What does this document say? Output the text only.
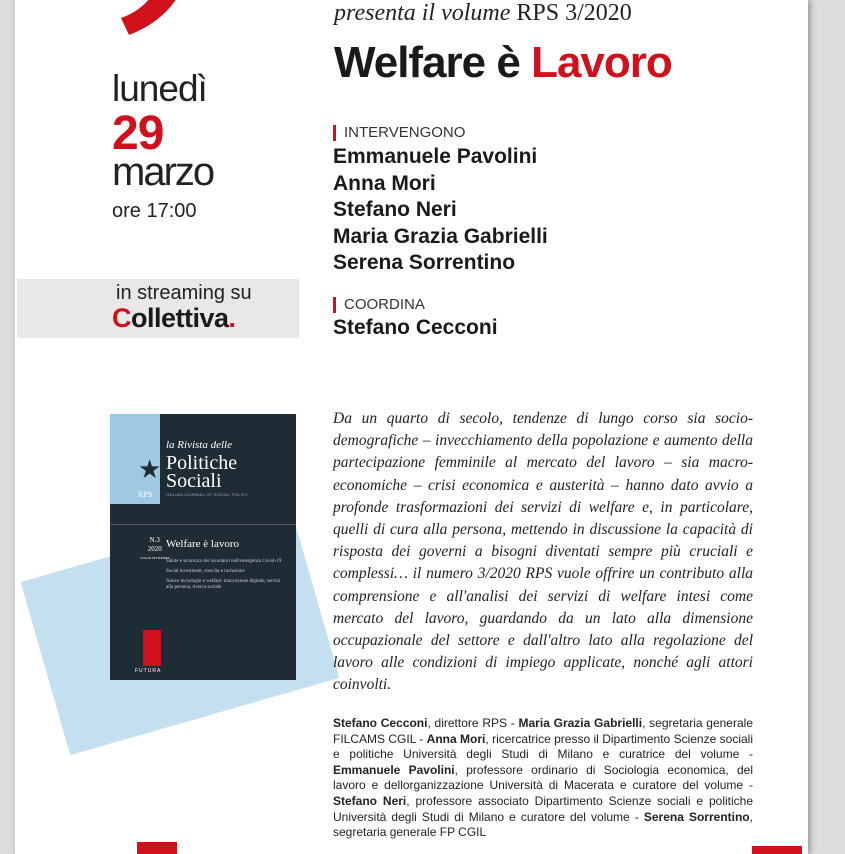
presenta il volume RPS 3/2020
Welfare è Lavoro
lunedì
29
marzo
ore 17:00
in streaming su
Collettiva.
INTERVENGONO
Emmanuele Pavolini
Anna Mori
Stefano Neri
Maria Grazia Gabrielli
Serena Sorrentino
COORDINA
Stefano Cecconi
★
RPS
la Rivista delle
Politiche
Sociali
ITALIAN JOURNAL OF SOCIAL POLICY
N.3
2020
LUGLIO SETTEMBRE
Welfare è lavoro
Salute e sicurezza dei lavoratori nell'emergenza Covid-19
Social investment, crescita e inclusione
Nuove tecnologie e welfare: innovazione digitale, servizi alla persona, ricerca sociale
FUTURA
Da un quarto di secolo, tendenze di lungo corso sia socio-demografiche – invecchiamento della popolazione e aumento della partecipazione femminile al mercato del lavoro – sia macro-economiche – crisi economica e austerità – hanno dato avvio a profonde trasformazioni dei servizi di welfare e, in particolare, quelli di cura alla persona, mettendo in discussione la capacità di risposta dei governi a bisogni diventati sempre più cruciali e complessi… il numero 3/2020 RPS vuole offrire un contributo alla comprensione e all'analisi dei servizi di welfare intesi come mercato del lavoro, guardando da un lato alla dimensione occupazionale del settore e dall'altro lato alla regolazione del lavoro alle condizioni di impiego applicate, nonché agli attori coinvolti.
Stefano Cecconi, direttore RPS - Maria Grazia Gabrielli, segretaria generale FILCAMS CGIL - Anna Mori, ricercatrice presso il Dipartimento Scienze sociali e politiche Università degli Studi di Milano e curatrice del volume - Emmanuele Pavolini, professore ordinario di Sociologia economica, del lavoro e dellorganizzazione Università di Macerata e curatore del volume - Stefano Neri, professore associato Dipartimento Scienze sociali e politiche Università degli Studi di Milano e curatore del volume - Serena Sorrentino, segretaria generale FP CGIL
